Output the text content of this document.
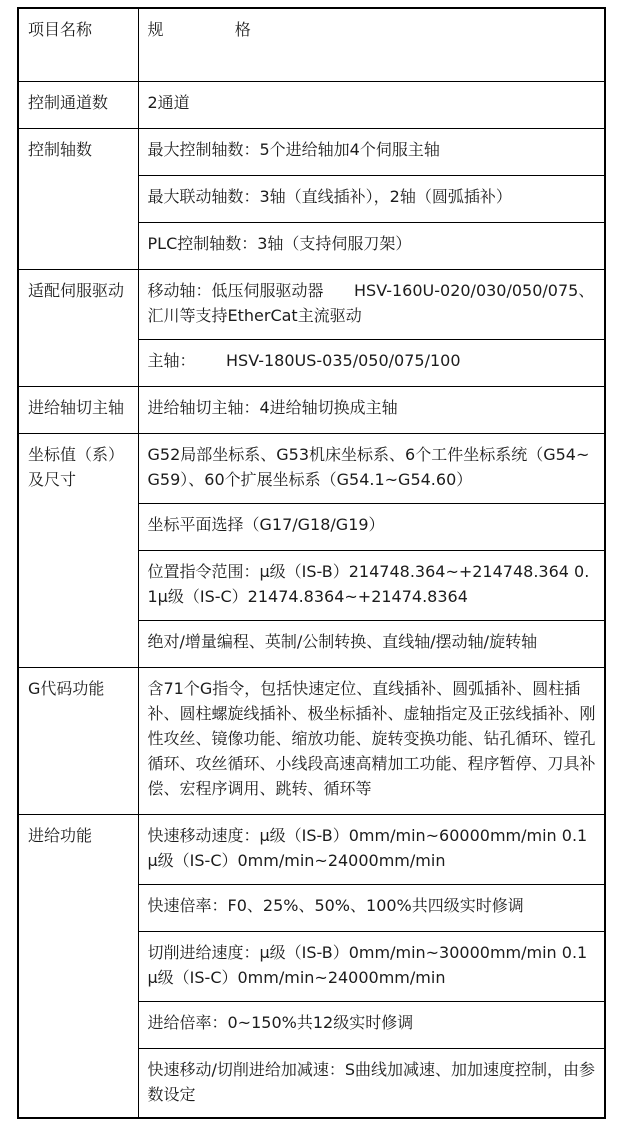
项目名称	规              格
控制通道数	2通道
控制轴数	最大控制轴数：5个进给轴加4个伺服主轴
	最大联动轴数：3轴（直线插补），2轴（圆弧插补）
	PLC控制轴数：3轴（支持伺服刀架）
适配伺服驱动	移动轴：低压伺服驱动器      HSV-160U-020/030/050/075、汇川等支持EtherCat主流驱动
	主轴：      HSV-180US-035/050/075/100
进给轴切主轴	进给轴切主轴：4进给轴切换成主轴
坐标值（系）及尺寸	G52局部坐标系、G53机床坐标系、6个工件坐标系统（G54~G59）、60个扩展坐标系（G54.1~G54.60）
	坐标平面选择（G17/G18/G19）
	位置指令范围：μ级（IS-B）214748.364~+214748.364 0.1μ级（IS-C）21474.8364~+21474.8364
	绝对/增量编程、英制/公制转换、直线轴/摆动轴/旋转轴
G代码功能	含71个G指令，包括快速定位、直线插补、圆弧插补、圆柱插补、圆柱螺旋线插补、极坐标插补、虚轴指定及正弦线插补、刚性攻丝、镜像功能、缩放功能、旋转变换功能、钻孔循环、镗孔循环、攻丝循环、小线段高速高精加工功能、程序暂停、刀具补偿、宏程序调用、跳转、循环等
进给功能	快速移动速度：μ级（IS-B）0mm/min~60000mm/min 0.1μ级（IS-C）0mm/min~24000mm/min
	快速倍率：F0、25%、50%、100%共四级实时修调
	切削进给速度：μ级（IS-B）0mm/min~30000mm/min 0.1μ级（IS-C）0mm/min~24000mm/min
	进给倍率：0~150%共12级实时修调
	快速移动/切削进给加减速：S曲线加减速、加加速度控制，由参数设定
